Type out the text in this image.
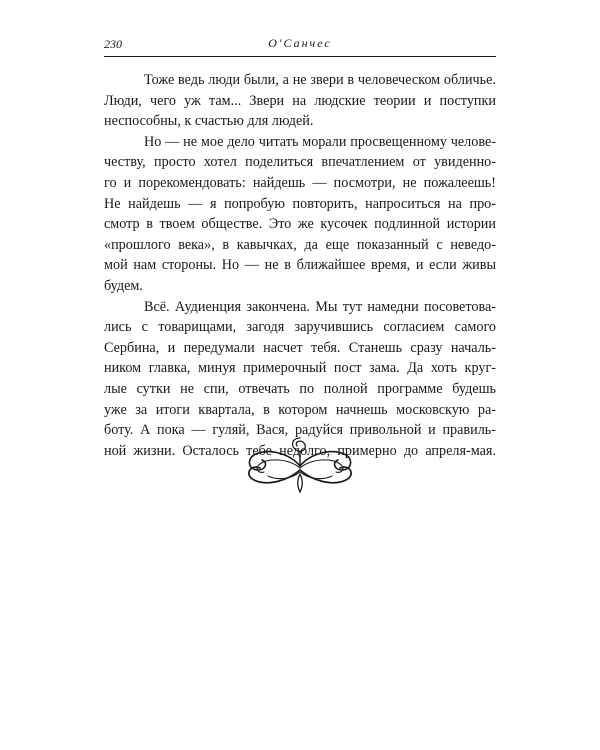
230	О'Санчес
Тоже ведь люди были, а не звери в человеческом обличье.
Люди, чего уж там... Звери на людские теории и поступки
неспособны, к счастью для людей.
Но — не мое дело читать морали просвещенному челове-
честву, просто хотел поделиться впечатлением от увиденно-
го и порекомендовать: найдешь — посмотри, не пожалеешь!
Не найдешь — я попробую повторить, напроситься на про-
смотр в твоем обществе. Это же кусочек подлинной истории
«прошлого века», в кавычках, да еще показанный с неведо-
мой нам стороны. Но — не в ближайшее время, и если живы
будем.
Всё. Аудиенция закончена. Мы тут намедни посоветова-
лись с товарищами, загодя заручившись согласием самого
Сербина, и передумали насчет тебя. Станешь сразу началь-
ником главка, минуя примерочный пост зама. Да хоть круг-
лые сутки не спи, отвечать по полной программе будешь
уже за итоги квартала, в котором начнешь московскую ра-
боту. А пока — гуляй, Вася, радуйся привольной и правиль-
ной жизни. Осталось тебе недолго, примерно до апреля-мая.
